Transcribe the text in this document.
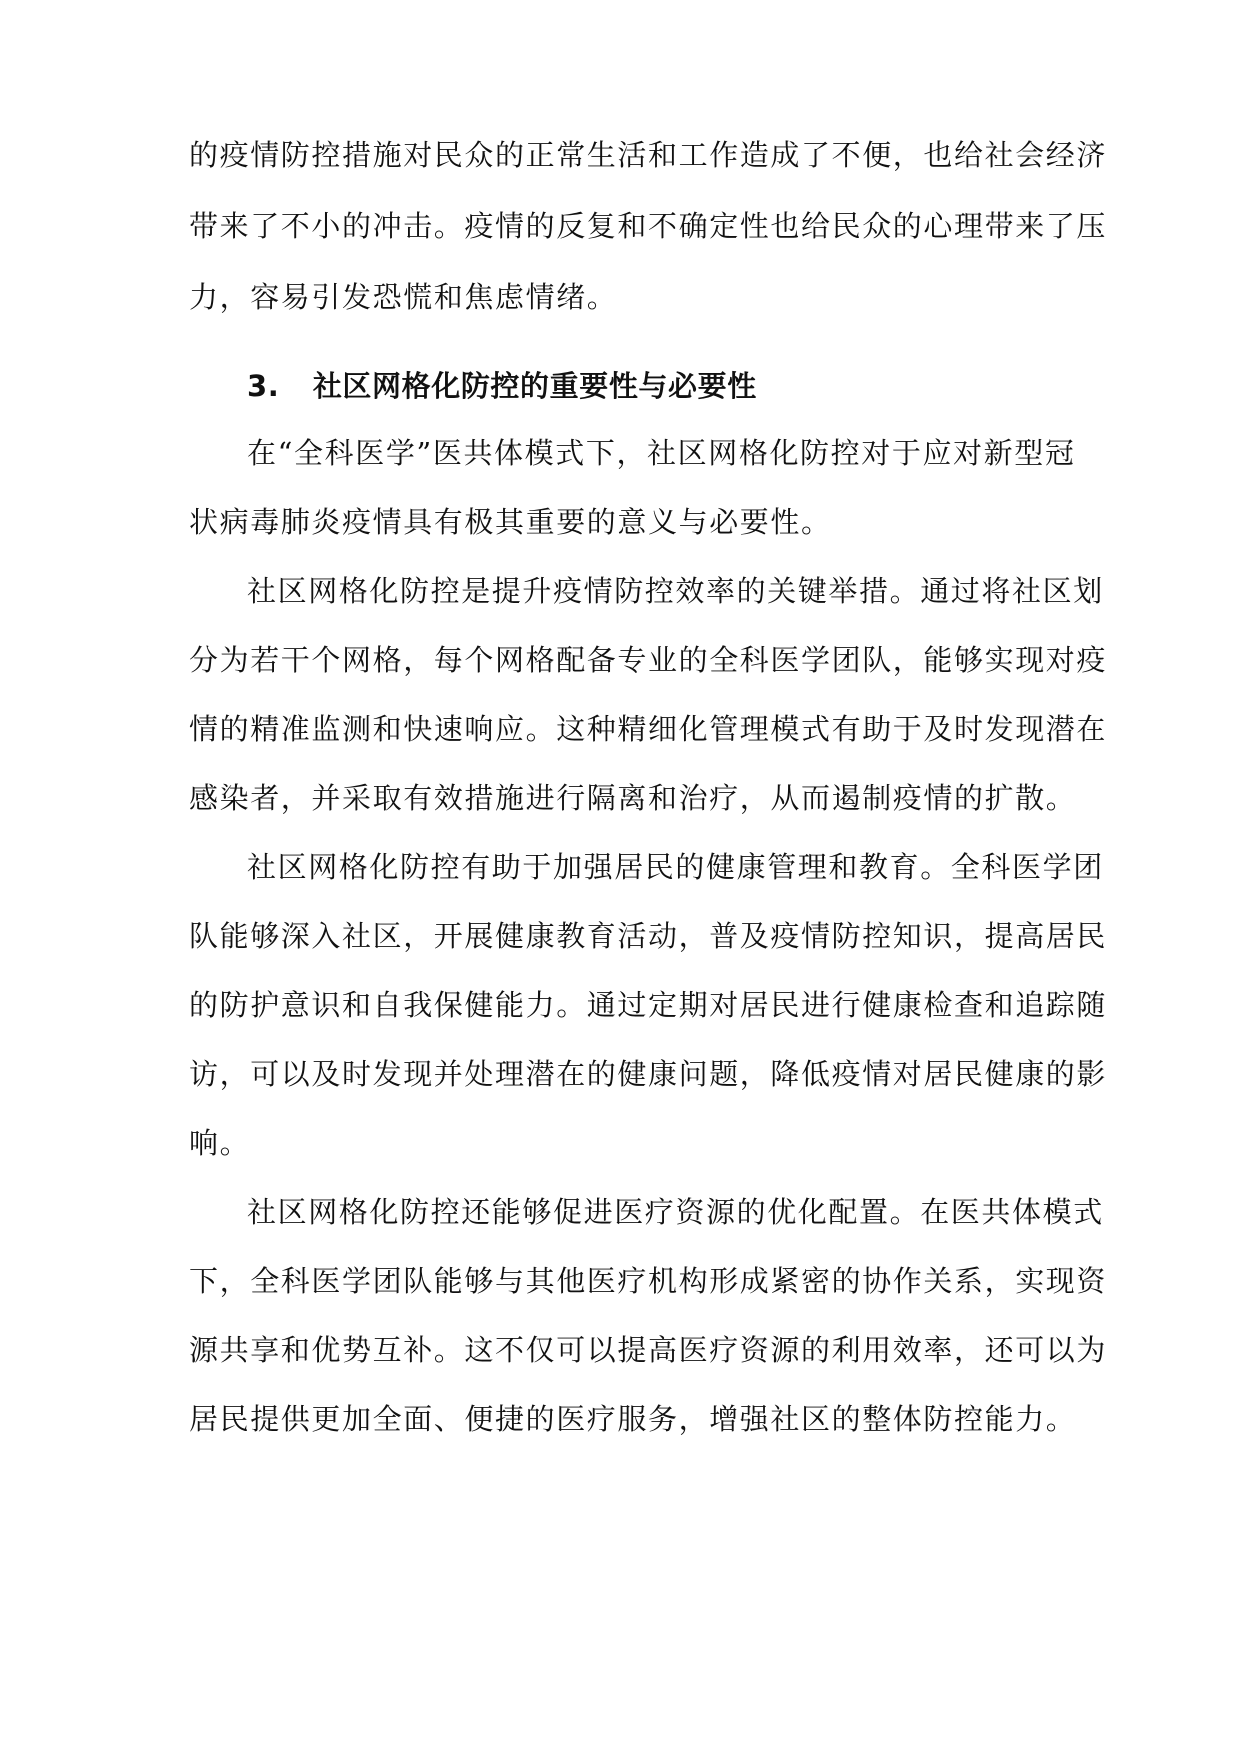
的疫情防控措施对民众的正常生活和工作造成了不便，也给社会经济
带来了不小的冲击。疫情的反复和不确定性也给民众的心理带来了压
力，容易引发恐慌和焦虑情绪。
3. 社区网格化防控的重要性与必要性
在“全科医学”医共体模式下，社区网格化防控对于应对新型冠
状病毒肺炎疫情具有极其重要的意义与必要性。
社区网格化防控是提升疫情防控效率的关键举措。通过将社区划
分为若干个网格，每个网格配备专业的全科医学团队，能够实现对疫
情的精准监测和快速响应。这种精细化管理模式有助于及时发现潜在
感染者，并采取有效措施进行隔离和治疗，从而遏制疫情的扩散。
社区网格化防控有助于加强居民的健康管理和教育。全科医学团
队能够深入社区，开展健康教育活动，普及疫情防控知识，提高居民
的防护意识和自我保健能力。通过定期对居民进行健康检查和追踪随
访，可以及时发现并处理潜在的健康问题，降低疫情对居民健康的影
响。
社区网格化防控还能够促进医疗资源的优化配置。在医共体模式
下，全科医学团队能够与其他医疗机构形成紧密的协作关系，实现资
源共享和优势互补。这不仅可以提高医疗资源的利用效率，还可以为
居民提供更加全面、便捷的医疗服务，增强社区的整体防控能力。
